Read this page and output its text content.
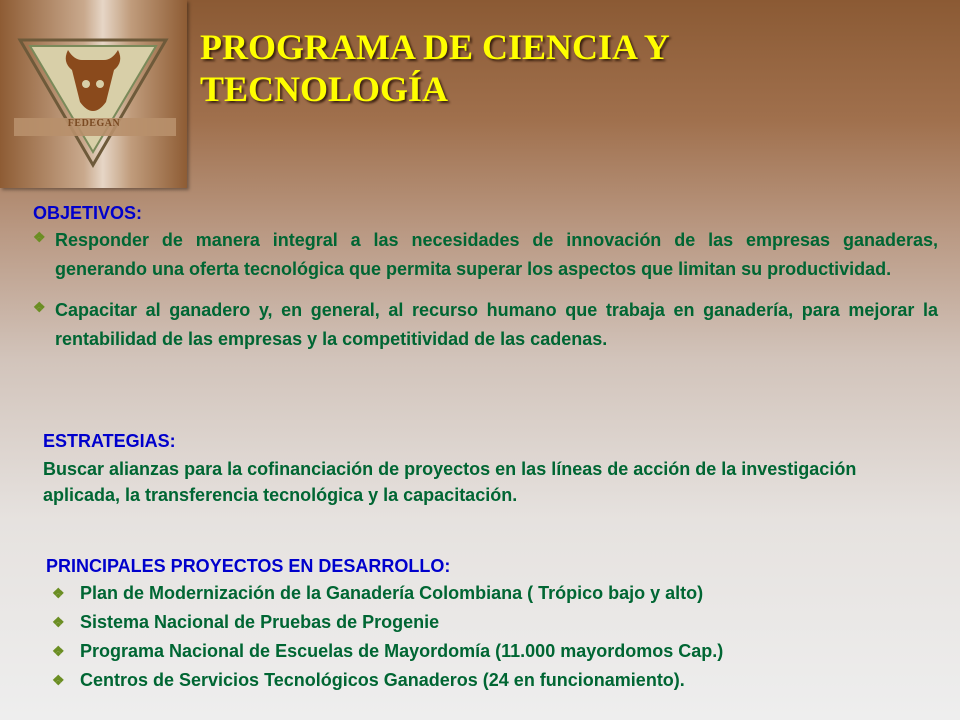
FEDEGAN
PROGRAMA DE CIENCIA Y
TECNOLOGÍA
OBJETIVOS:
❖ Responder de manera integral a las necesidades de innovación de las empresas ganaderas, generando una oferta tecnológica que permita superar los aspectos que limitan su productividad.
❖ Capacitar al ganadero y, en general, al recurso humano que trabaja en ganadería, para mejorar la rentabilidad de las empresas y la competitividad de las cadenas.
ESTRATEGIAS:
Buscar alianzas para la cofinanciación de proyectos en las líneas de acción de la investigación aplicada, la transferencia tecnológica y la capacitación.
PRINCIPALES PROYECTOS EN DESARROLLO:
❖ Plan de Modernización de la Ganadería Colombiana ( Trópico bajo y alto)
❖ Sistema Nacional de Pruebas de Progenie
❖ Programa Nacional de Escuelas de Mayordomía (11.000 mayordomos Cap.)
❖ Centros de Servicios Tecnológicos Ganaderos (24 en funcionamiento).
